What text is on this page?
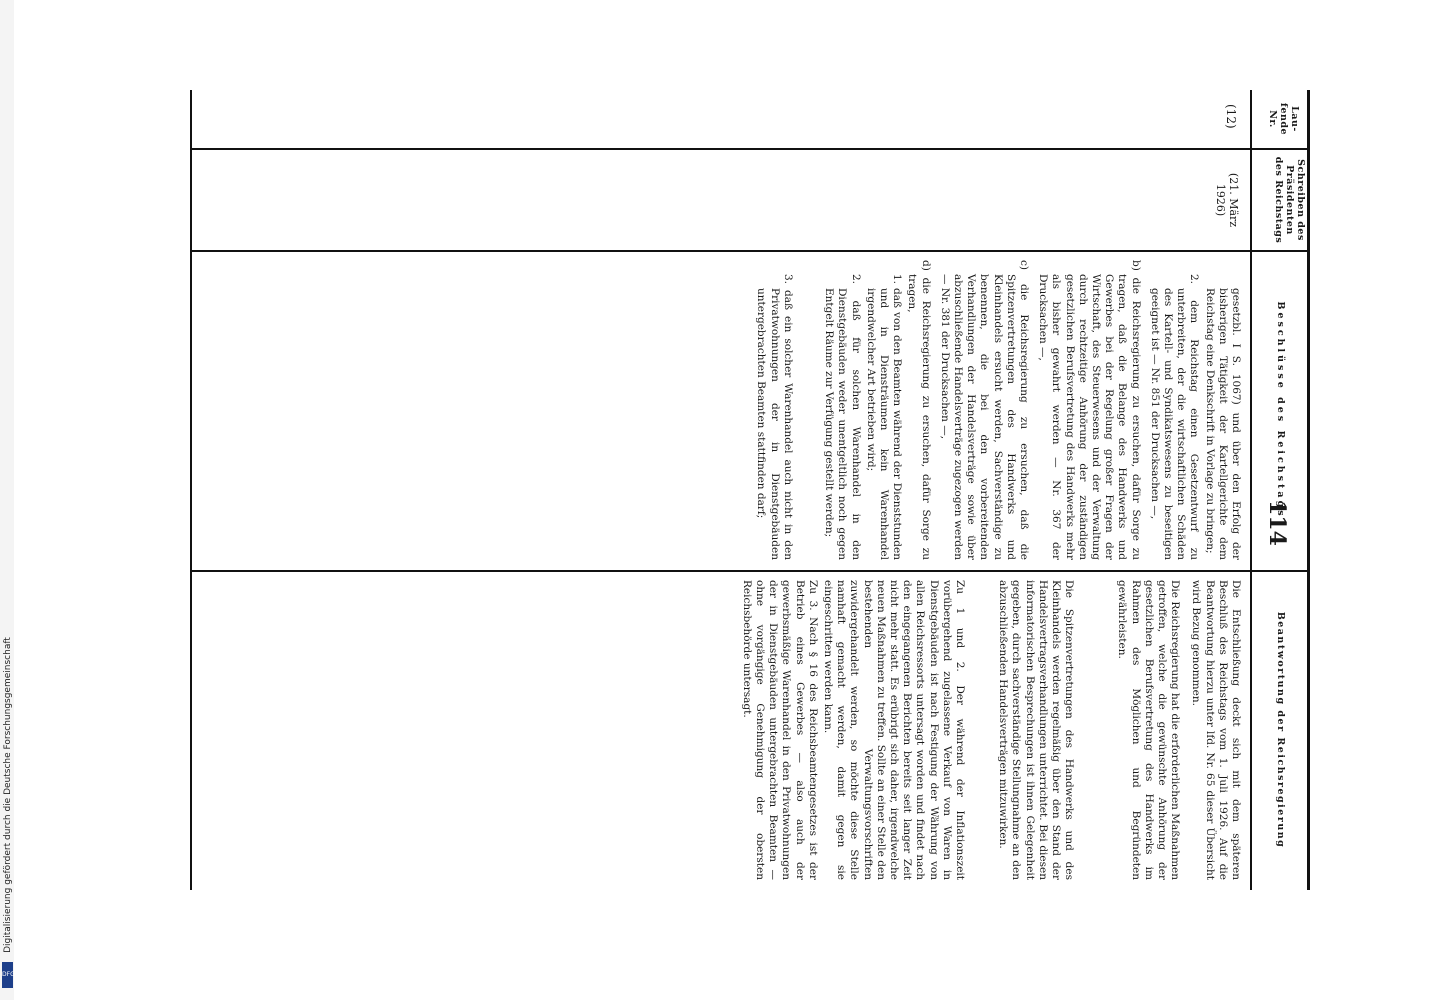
Digitalisierung gefördert durch die Deutsche Forschungsgemeinschaft
DFG
114
Lau-fende Nr.
Schreiben des Präsidenten des Reichstags
Beschlüsse des Reichstags
Beantwortung der Reichsregierung
(12)
(21. März 1926)

gesetzbl. I S. 1067) und über den Erfolg der bisherigen Tätigkeit der Kartellgerichte dem Reichstag eine Denkschrift in Vorlage zu bringen;

2. dem Reichstag einen Gesetzentwurf zu unterbreiten, der die wirtschaftlichen Schäden des Kartell- und Syndikatswesens zu beseitigen geeignet ist — Nr. 851 der Drucksachen —,

b) die Reichsregierung zu ersuchen, dafür Sorge zu tragen, daß die Belange des Handwerks und Gewerbes bei der Regelung großer Fragen der Wirtschaft, des Steuerwesens und der Verwaltung durch rechtzeitige Anhörung der zuständigen gesetzlichen Berufsvertretung des Handwerks mehr als bisher gewahrt werden — Nr. 367 der Drucksachen —,

c) die Reichsregierung zu ersuchen, daß die Spitzenvertretungen des Handwerks und Kleinhandels ersucht werden, Sachverständige zu benennen, die bei den vorbereitenden Verhandlungen der Handelsverträge sowie über abzuschließende Handelsverträge zugezogen werden — Nr. 381 der Drucksachen —,

d) die Reichsregierung zu ersuchen, dafür Sorge zu tragen,

1. daß von den Beamten während der Dienststunden und in Diensträumen kein Warenhandel irgendwelcher Art betrieben wird;

2. daß für solchen Warenhandel in den Dienstgebäuden weder unentgeltlich noch gegen Entgelt Räume zur Verfügung gestellt werden;

3. daß ein solcher Warenhandel auch nicht in den Privatwohnungen der in Dienstgebäuden untergebrachten Beamten stattfinden darf;

Die Entschließung deckt sich mit dem späteren Beschluß des Reichstags vom 1. Juli 1926. Auf die Beantwortung hierzu unter lfd. Nr. 65 dieser Übersicht wird Bezug genommen.

Die Reichsregierung hat die erforderlichen Maßnahmen getroffen, welche die gewünschte Anhörung der gesetzlichen Berufsvertretung des Handwerks im Rahmen des Möglichen und Begründeten gewährleisten.

Die Spitzenvertretungen des Handwerks und des Kleinhandels werden regelmäßig über den Stand der Handelsvertragsverhandlungen unterrichtet. Bei diesen informatorischen Besprechungen ist ihnen Gelegenheit gegeben, durch sachverständige Stellungnahme an den abzuschließenden Handelsverträgen mitzuwirken.

Zu 1 und 2. Der während der Inflationszeit vorübergehend zugelassene Verkauf von Waren in Dienstgebäuden ist nach Festigung der Währung von allen Reichsressorts untersagt worden und findet nach den eingegangenen Berichten bereits seit langer Zeit nicht mehr statt. Es erübrigt sich daher, irgendwelche neuen Maßnahmen zu treffen. Sollte an einer Stelle den bestehenden Verwaltungsvorschriften zuwidergehandelt werden, so möchte diese Stelle namhaft gemacht werden, damit gegen sie eingeschritten werden kann.

Zu 3. Nach § 16 des Reichsbeamtengesetzes ist der Betrieb eines Gewerbes — also auch der gewerbsmäßige Warenhandel in den Privatwohnungen der in Dienstgebäuden untergebrachten Beamten — ohne vorgängige Genehmigung der obersten Reichsbehörde untersagt.
